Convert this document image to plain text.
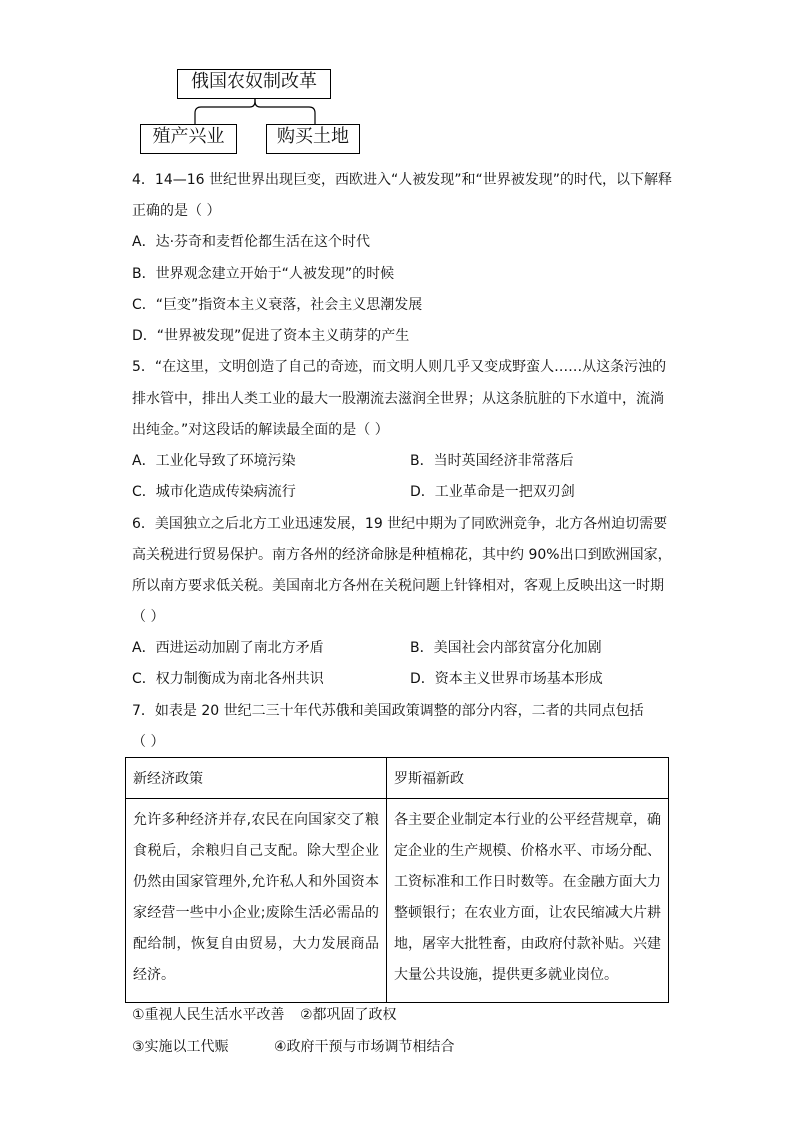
俄国农奴制改革
殖产兴业	购买土地
4．14—16 世纪世界出现巨变，西欧进入“人被发现”和“世界被发现”的时代，以下解释
正确的是（ ）
A．达·芬奇和麦哲伦都生活在这个时代
B．世界观念建立开始于“人被发现”的时候
C．“巨变”指资本主义衰落，社会主义思潮发展
D．“世界被发现”促进了资本主义萌芽的产生
5．“在这里，文明创造了自己的奇迹，而文明人则几乎又变成野蛮人……从这条污浊的
排水管中，排出人类工业的最大一股潮流去滋润全世界；从这条肮脏的下水道中，流淌
出纯金。”对这段话的解读最全面的是（ ）
A．工业化导致了环境污染	B．当时英国经济非常落后
C．城市化造成传染病流行	D．工业革命是一把双刃剑
6．美国独立之后北方工业迅速发展，19 世纪中期为了同欧洲竞争，北方各州迫切需要
高关税进行贸易保护。南方各州的经济命脉是种植棉花，其中约 90%出口到欧洲国家，
所以南方要求低关税。美国南北方各州在关税问题上针锋相对，客观上反映出这一时期
（ ）
A．西进运动加剧了南北方矛盾	B．美国社会内部贫富分化加剧
C．权力制衡成为南北各州共识	D．资本主义世界市场基本形成
7．如表是 20 世纪二三十年代苏俄和美国政策调整的部分内容，二者的共同点包括
（ ）
新经济政策	罗斯福新政

允许多种经济并存,农民在向国家交了粮食税后，余粮归自己支配。除大型企业仍然由国家管理外,允许私人和外国资本家经营一些中小企业;废除生活必需品的配给制，恢复自由贸易，大力发展商品经济。	各主要企业制定本行业的公平经营规章，确定企业的生产规模、价格水平、市场分配、工资标准和工作日时数等。在金融方面大力整顿银行；在农业方面，让农民缩减大片耕地，屠宰大批牲畜，由政府付款补贴。兴建大量公共设施，提供更多就业岗位。
①重视人民生活水平改善 ②都巩固了政权
③实施以工代赈	④政府干预与市场调节相结合
